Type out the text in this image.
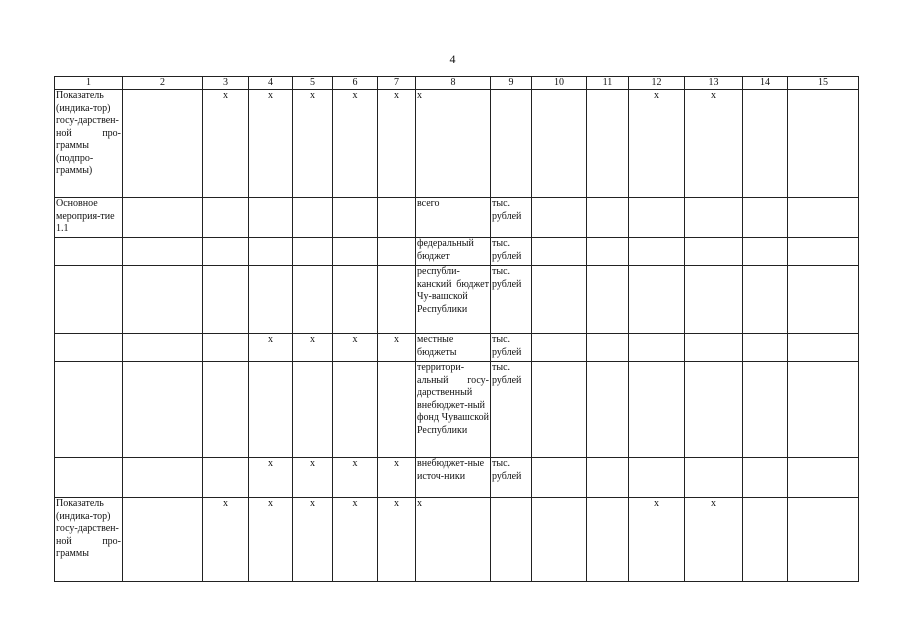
4
1	2	3	4	5	6	7	8	9	10	11	12	13	14	15
Показатель (индика-тор) госу-дарствен-ной про-граммы (подпро-граммы)		x	x	x	x	x	x				x	x		
Основное мероприя-тие 1.1							всего	тыс. рублей						
							федеральный бюджет	тыс. рублей						
							республи-канский бюджет Чу-вашской Республики	тыс. рублей						
			x	x	x	x	местные бюджеты	тыс. рублей						
							территори-альный госу-дарственный внебюджет-ный фонд Чувашской Республики	тыс. рублей						
			x	x	x	x	внебюджет-ные источ-ники	тыс. рублей						
Показатель (индика-тор) госу-дарствен-ной про-граммы		x	x	x	x	x	x				x	x		
